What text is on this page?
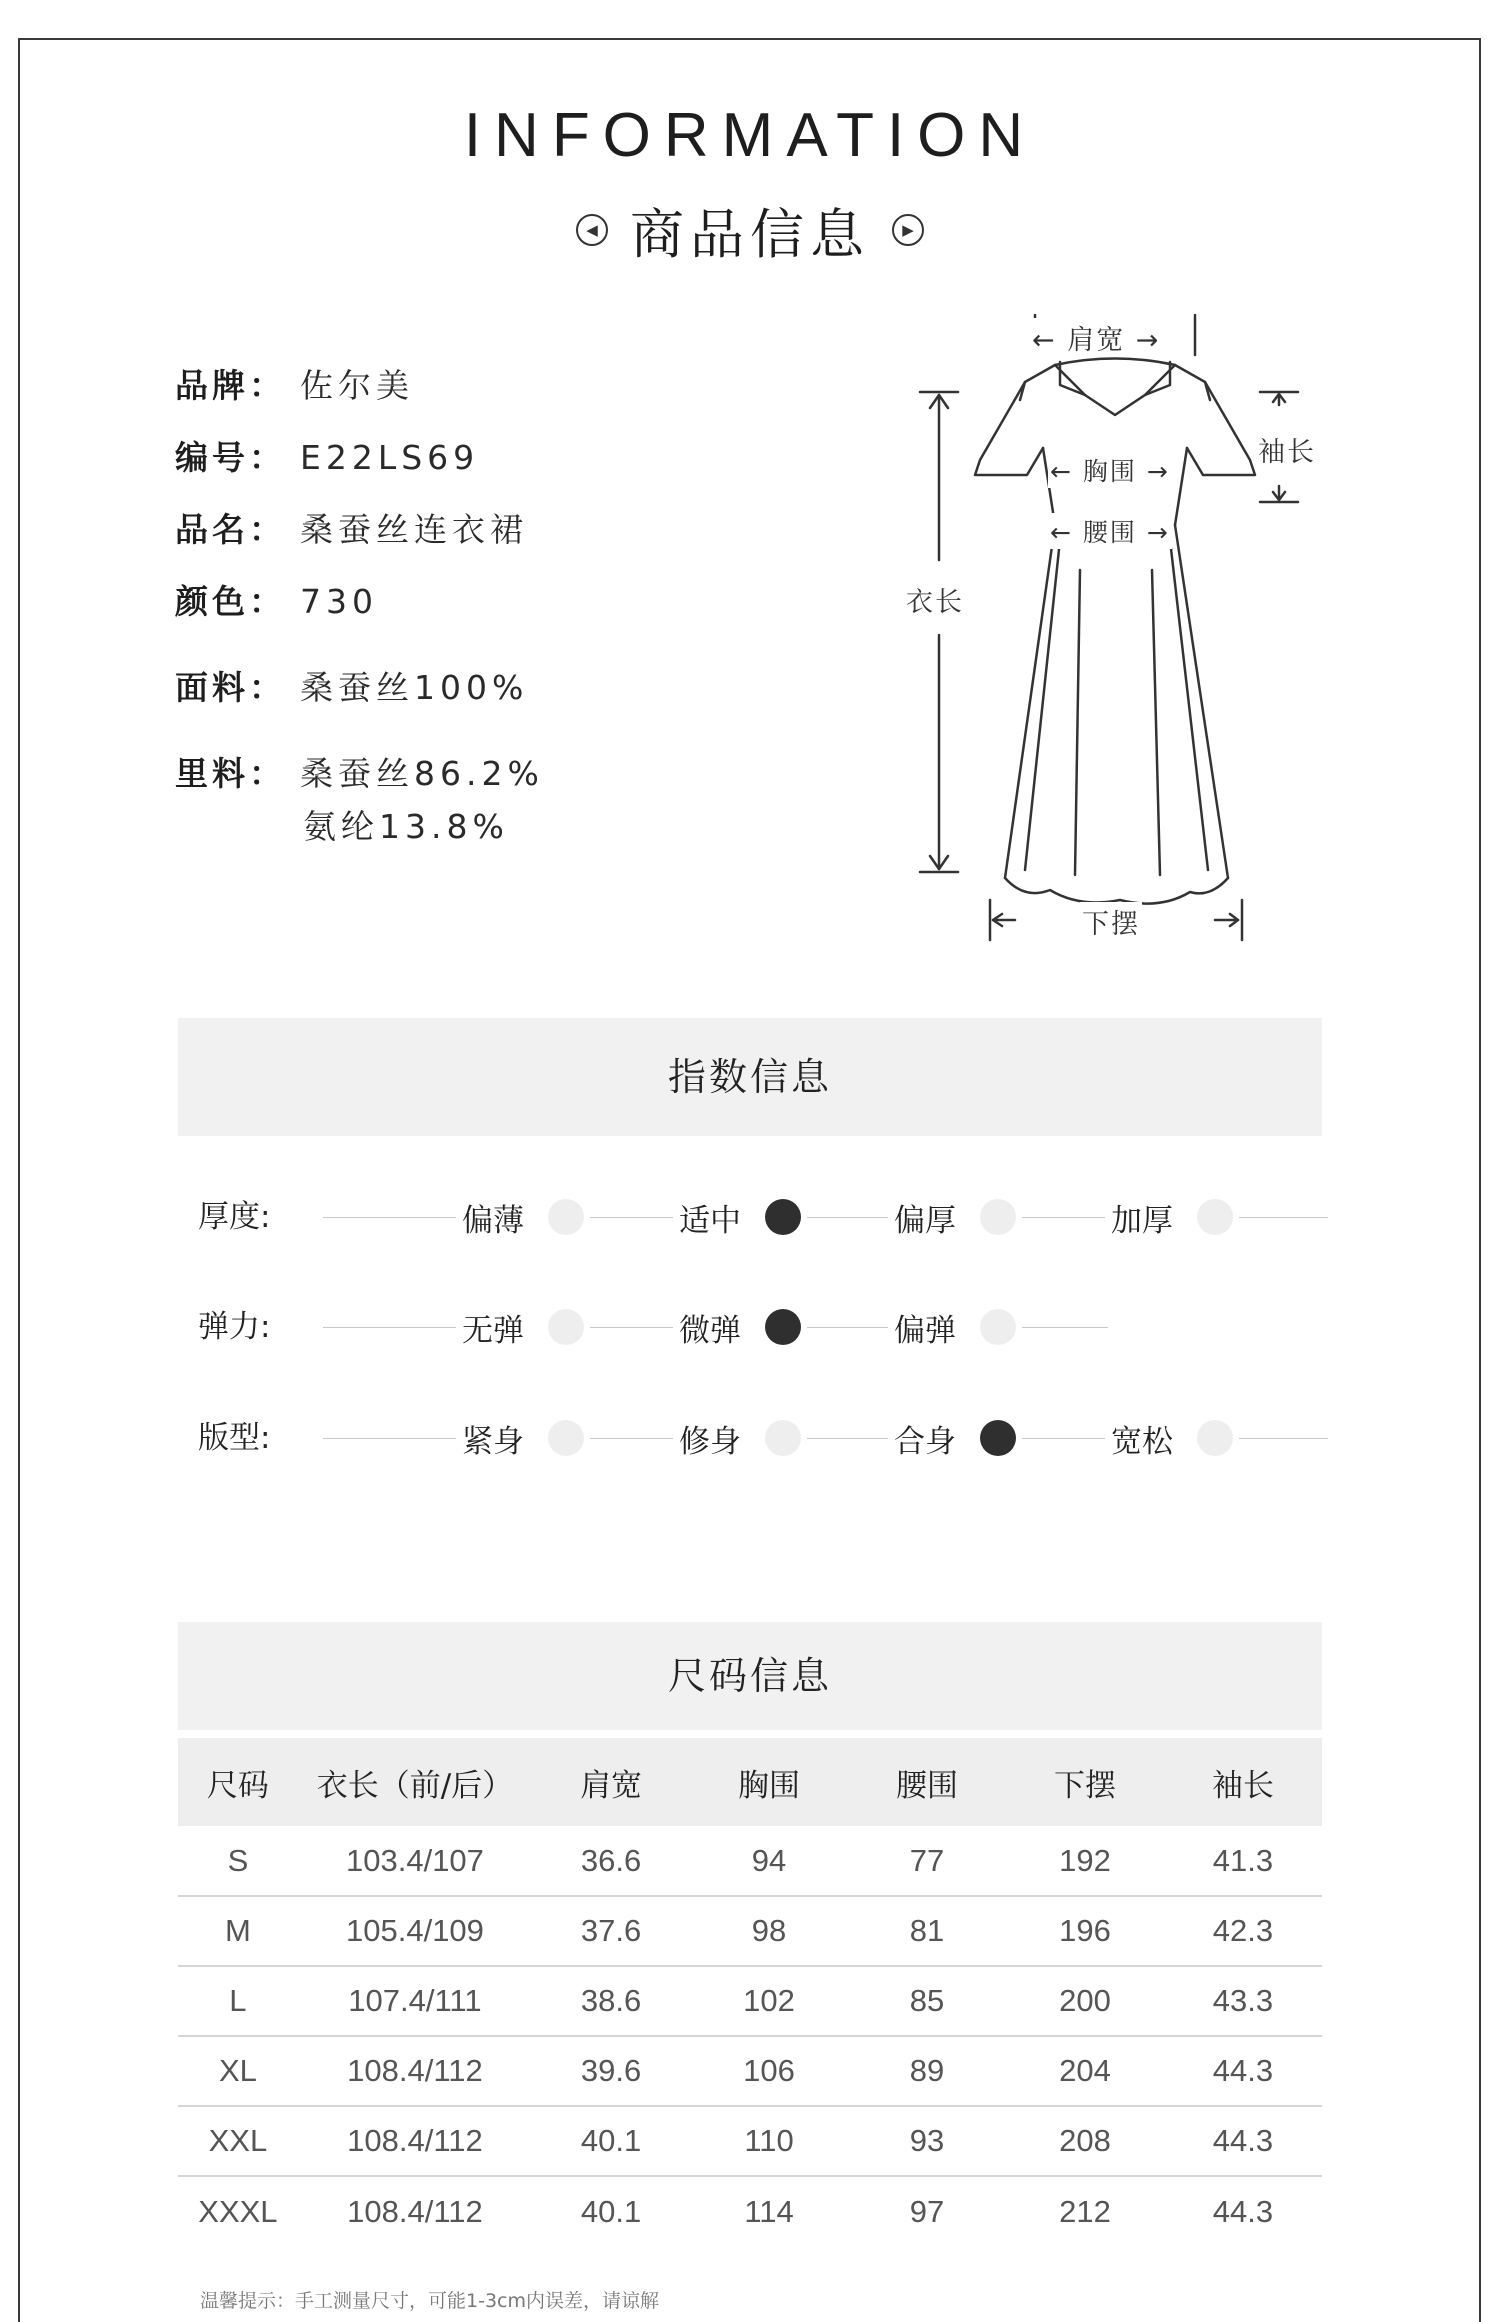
INFORMATION
◀ 商品信息	▶
品牌： 佐尔美
编号： E22LS69
品名： 桑蚕丝连衣裙
颜色： 730
面料： 桑蚕丝100%
里料： 桑蚕丝86.2%
氨纶13.8%
← 肩宽 →
← 胸围 →
← 腰围 →
袖长
衣长
下摆
指数信息
厚度:	偏薄	适中	偏厚	加厚
弹力:	无弹	微弹	偏弹
版型:	紧身	修身	合身	宽松
尺码信息
尺码	衣长（前/后）	肩宽	胸围	腰围	下摆	袖长
S	103.4/107	36.6	94	77	192	41.3
M	105.4/109	37.6	98	81	196	42.3
L	107.4/111	38.6	102	85	200	43.3
XL	108.4/112	39.6	106	89	204	44.3
XXL	108.4/112	40.1	110	93	208	44.3
XXXL	108.4/112	40.1	114	97	212	44.3
温馨提示：手工测量尺寸，可能1-3cm内误差，请谅解
